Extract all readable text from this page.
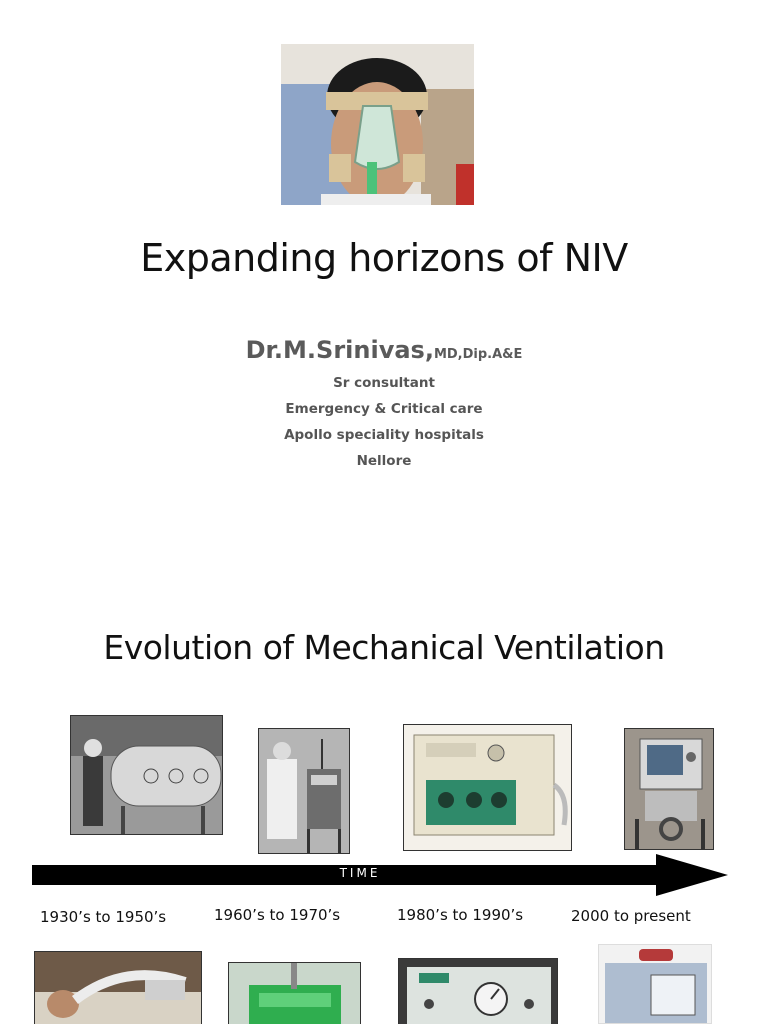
Expanding horizons of NIV
Dr.M.Srinivas,MD,Dip.A&E
Sr consultant
Emergency & Critical care
Apollo speciality hospitals
Nellore
Evolution of Mechanical Ventilation
TIME
1930’s to 1950’s	1960’s to 1970’s	1980’s to 1990’s	2000 to present
